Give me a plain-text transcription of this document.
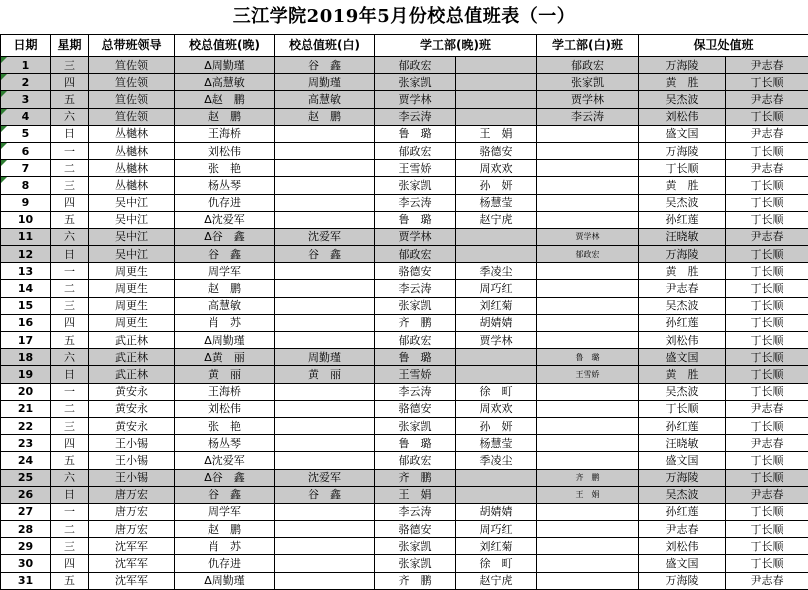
三江学院2019年5月份校总值班表（一）
日期	星期	总带班领导	校总值班(晚)	校总值班(白)	学工部(晚)班		学工部(白)班	保卫处值班	
1	三	笪佐领	Δ周勤瑾	谷　鑫	郁政宏		郁政宏	万海陵	尹志春
2	四	笪佐领	Δ高慧敏	周勤瑾	张家凯		张家凯	黄　胜	丁长顺
3	五	笪佐领	Δ赵　鹏	高慧敏	贾学林		贾学林	吴杰波	尹志春
4	六	笪佐领	赵　鹏	赵　鹏	李云涛		李云涛	刘松伟	丁长顺
5	日	丛樾林	王海桥		鲁　璐	王　娟		盛文国	尹志春
6	一	丛樾林	刘松伟		郁政宏	骆德安		万海陵	丁长顺
7	二	丛樾林	张　艳		王雪娇	周欢欢		丁长顺	尹志春
8	三	丛樾林	杨丛琴		张家凯	孙　妍		黄　胜	丁长顺
9	四	吴中江	仇存进		李云涛	杨慧莹		吴杰波	丁长顺
10	五	吴中江	Δ沈爱军		鲁　璐	赵宁虎		孙红莲	丁长顺
11	六	吴中江	Δ谷　鑫	沈爱军	贾学林		贾学林	汪晓敏	尹志春
12	日	吴中江	谷　鑫	谷　鑫	郁政宏		郁政宏	万海陵	丁长顺
13	一	周更生	周学军		骆德安	季凌尘		黄　胜	丁长顺
14	二	周更生	赵　鹏		李云涛	周巧红		尹志春	丁长顺
15	三	周更生	高慧敏		张家凯	刘红菊		吴杰波	丁长顺
16	四	周更生	肖　苏		齐　鹏	胡婧婧		孙红莲	丁长顺
17	五	武正林	Δ周勤瑾		郁政宏	贾学林		刘松伟	丁长顺
18	六	武正林	Δ黄　丽	周勤瑾	鲁　璐		鲁　璐	盛文国	丁长顺
19	日	武正林	黄　丽	黄　丽	王雪娇		王雪娇	黄　胜	丁长顺
20	一	黄安永	王海桥		李云涛	徐　町		吴杰波	丁长顺
21	二	黄安永	刘松伟		骆德安	周欢欢		丁长顺	尹志春
22	三	黄安永	张　艳		张家凯	孙　妍		孙红莲	丁长顺
23	四	王小锡	杨丛琴		鲁　璐	杨慧莹		汪晓敏	尹志春
24	五	王小锡	Δ沈爱军		郁政宏	季凌尘		盛文国	丁长顺
25	六	王小锡	Δ谷　鑫	沈爱军	齐　鹏		齐　鹏	万海陵	丁长顺
26	日	唐万宏	谷　鑫	谷　鑫	王　娟		王　娟	吴杰波	尹志春
27	一	唐万宏	周学军		李云涛	胡婧婧		孙红莲	丁长顺
28	二	唐万宏	赵　鹏		骆德安	周巧红		尹志春	丁长顺
29	三	沈军军	肖　苏		张家凯	刘红菊		刘松伟	丁长顺
30	四	沈军军	仇存进		张家凯	徐　町		盛文国	丁长顺
31	五	沈军军	Δ周勤瑾		齐　鹏	赵宁虎		万海陵	尹志春
